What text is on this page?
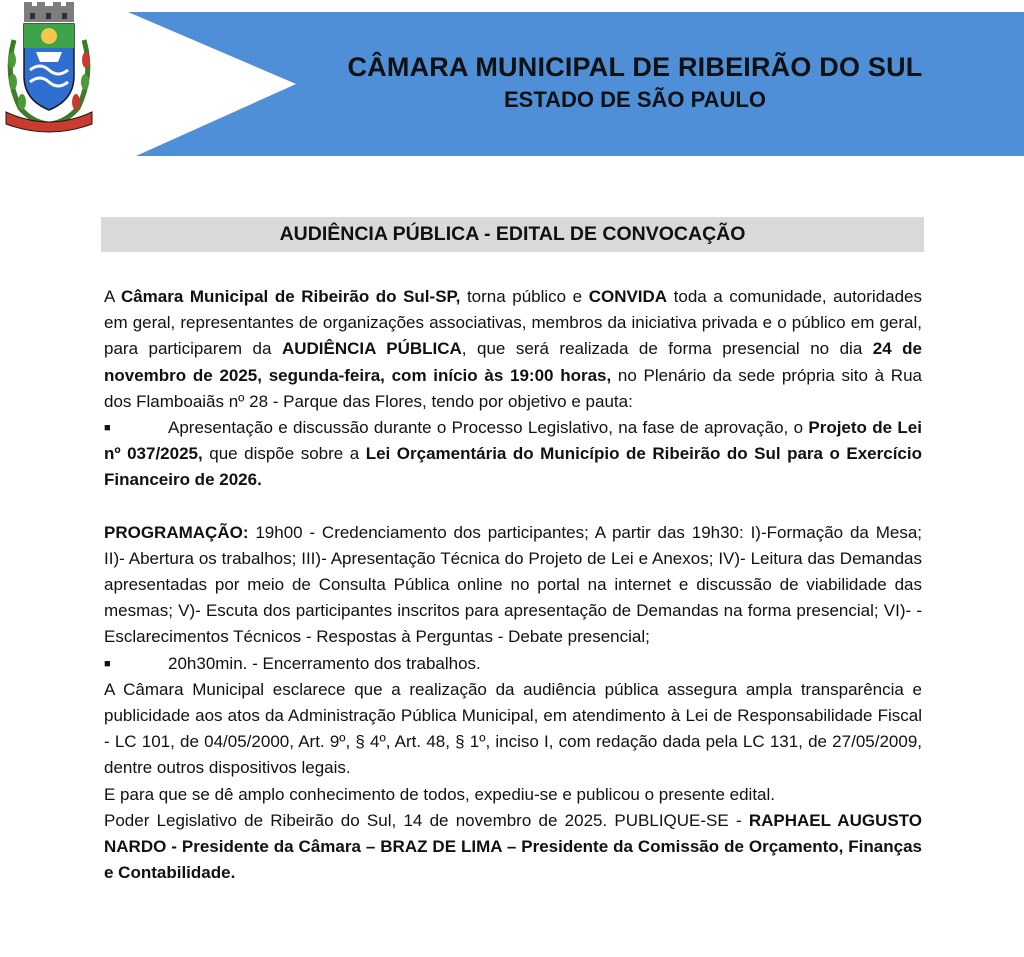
CÂMARA MUNICIPAL DE RIBEIRÃO DO SUL
ESTADO DE SÃO PAULO
AUDIÊNCIA PÚBLICA - EDITAL DE CONVOCAÇÃO

A Câmara Municipal de Ribeirão do Sul-SP, torna público e CONVIDA toda a comunidade, autoridades em geral, representantes de organizações associativas, membros da iniciativa privada e o público em geral, para participarem da AUDIÊNCIA PÚBLICA, que será realizada de forma presencial no dia 24 de novembro de 2025, segunda-feira, com início às 19:00 horas, no Plenário da sede própria sito à Rua dos Flamboaiãs nº 28 - Parque das Flores, tendo por objetivo e pauta:

■	Apresentação e discussão durante o Processo Legislativo, na fase de aprovação, o Projeto de Lei nº 037/2025, que dispõe sobre a Lei Orçamentária do Município de Ribeirão do Sul para o Exercício Financeiro de 2026.

PROGRAMAÇÃO: 19h00 - Credenciamento dos participantes; A partir das 19h30: I)-Formação da Mesa; II)- Abertura os trabalhos; III)- Apresentação Técnica do Projeto de Lei e Anexos; IV)- Leitura das Demandas apresentadas por meio de Consulta Pública online no portal na internet e discussão de viabilidade das mesmas; V)- Escuta dos participantes inscritos para apresentação de Demandas na forma presencial; VI)- - Esclarecimentos Técnicos - Respostas à Perguntas - Debate presencial;

■	20h30min. - Encerramento dos trabalhos.

A Câmara Municipal esclarece que a realização da audiência pública assegura ampla transparência e publicidade aos atos da Administração Pública Municipal, em atendimento à Lei de Responsabilidade Fiscal - LC 101, de 04/05/2000, Art. 9º, § 4º, Art. 48, § 1º, inciso I, com redação dada pela LC 131, de 27/05/2009, dentre outros dispositivos legais.

E para que se dê amplo conhecimento de todos, expediu-se e publicou o presente edital.

Poder Legislativo de Ribeirão do Sul, 14 de novembro de 2025. PUBLIQUE-SE - RAPHAEL AUGUSTO NARDO - Presidente da Câmara – BRAZ DE LIMA – Presidente da Comissão de Orçamento, Finanças e Contabilidade.
